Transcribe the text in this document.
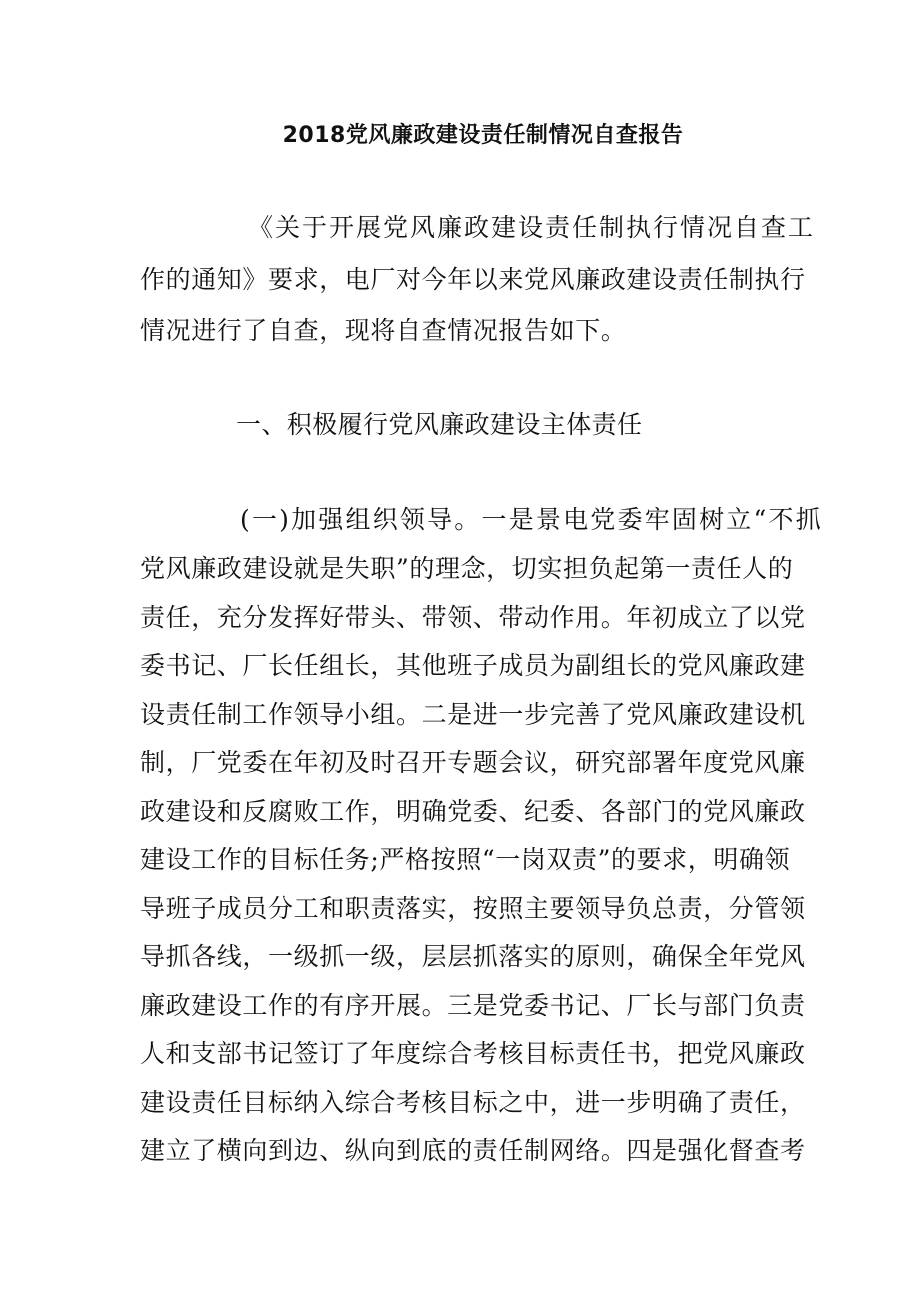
2018党风廉政建设责任制情况自查报告
《关于开展党风廉政建设责任制执行情况自查工
作的通知》要求，电厂对今年以来党风廉政建设责任制执行
情况进行了自查，现将自查情况报告如下。
一、积极履行党风廉政建设主体责任
(一)加强组织领导。一是景电党委牢固树立“不抓
党风廉政建设就是失职”的理念，切实担负起第一责任人的
责任，充分发挥好带头、带领、带动作用。年初成立了以党
委书记、厂长任组长，其他班子成员为副组长的党风廉政建
设责任制工作领导小组。二是进一步完善了党风廉政建设机
制，厂党委在年初及时召开专题会议，研究部署年度党风廉
政建设和反腐败工作，明确党委、纪委、各部门的党风廉政
建设工作的目标任务;严格按照“一岗双责”的要求，明确领
导班子成员分工和职责落实，按照主要领导负总责，分管领
导抓各线，一级抓一级，层层抓落实的原则，确保全年党风
廉政建设工作的有序开展。三是党委书记、厂长与部门负责
人和支部书记签订了年度综合考核目标责任书，把党风廉政
建设责任目标纳入综合考核目标之中，进一步明确了责任，
建立了横向到边、纵向到底的责任制网络。四是强化督查考
